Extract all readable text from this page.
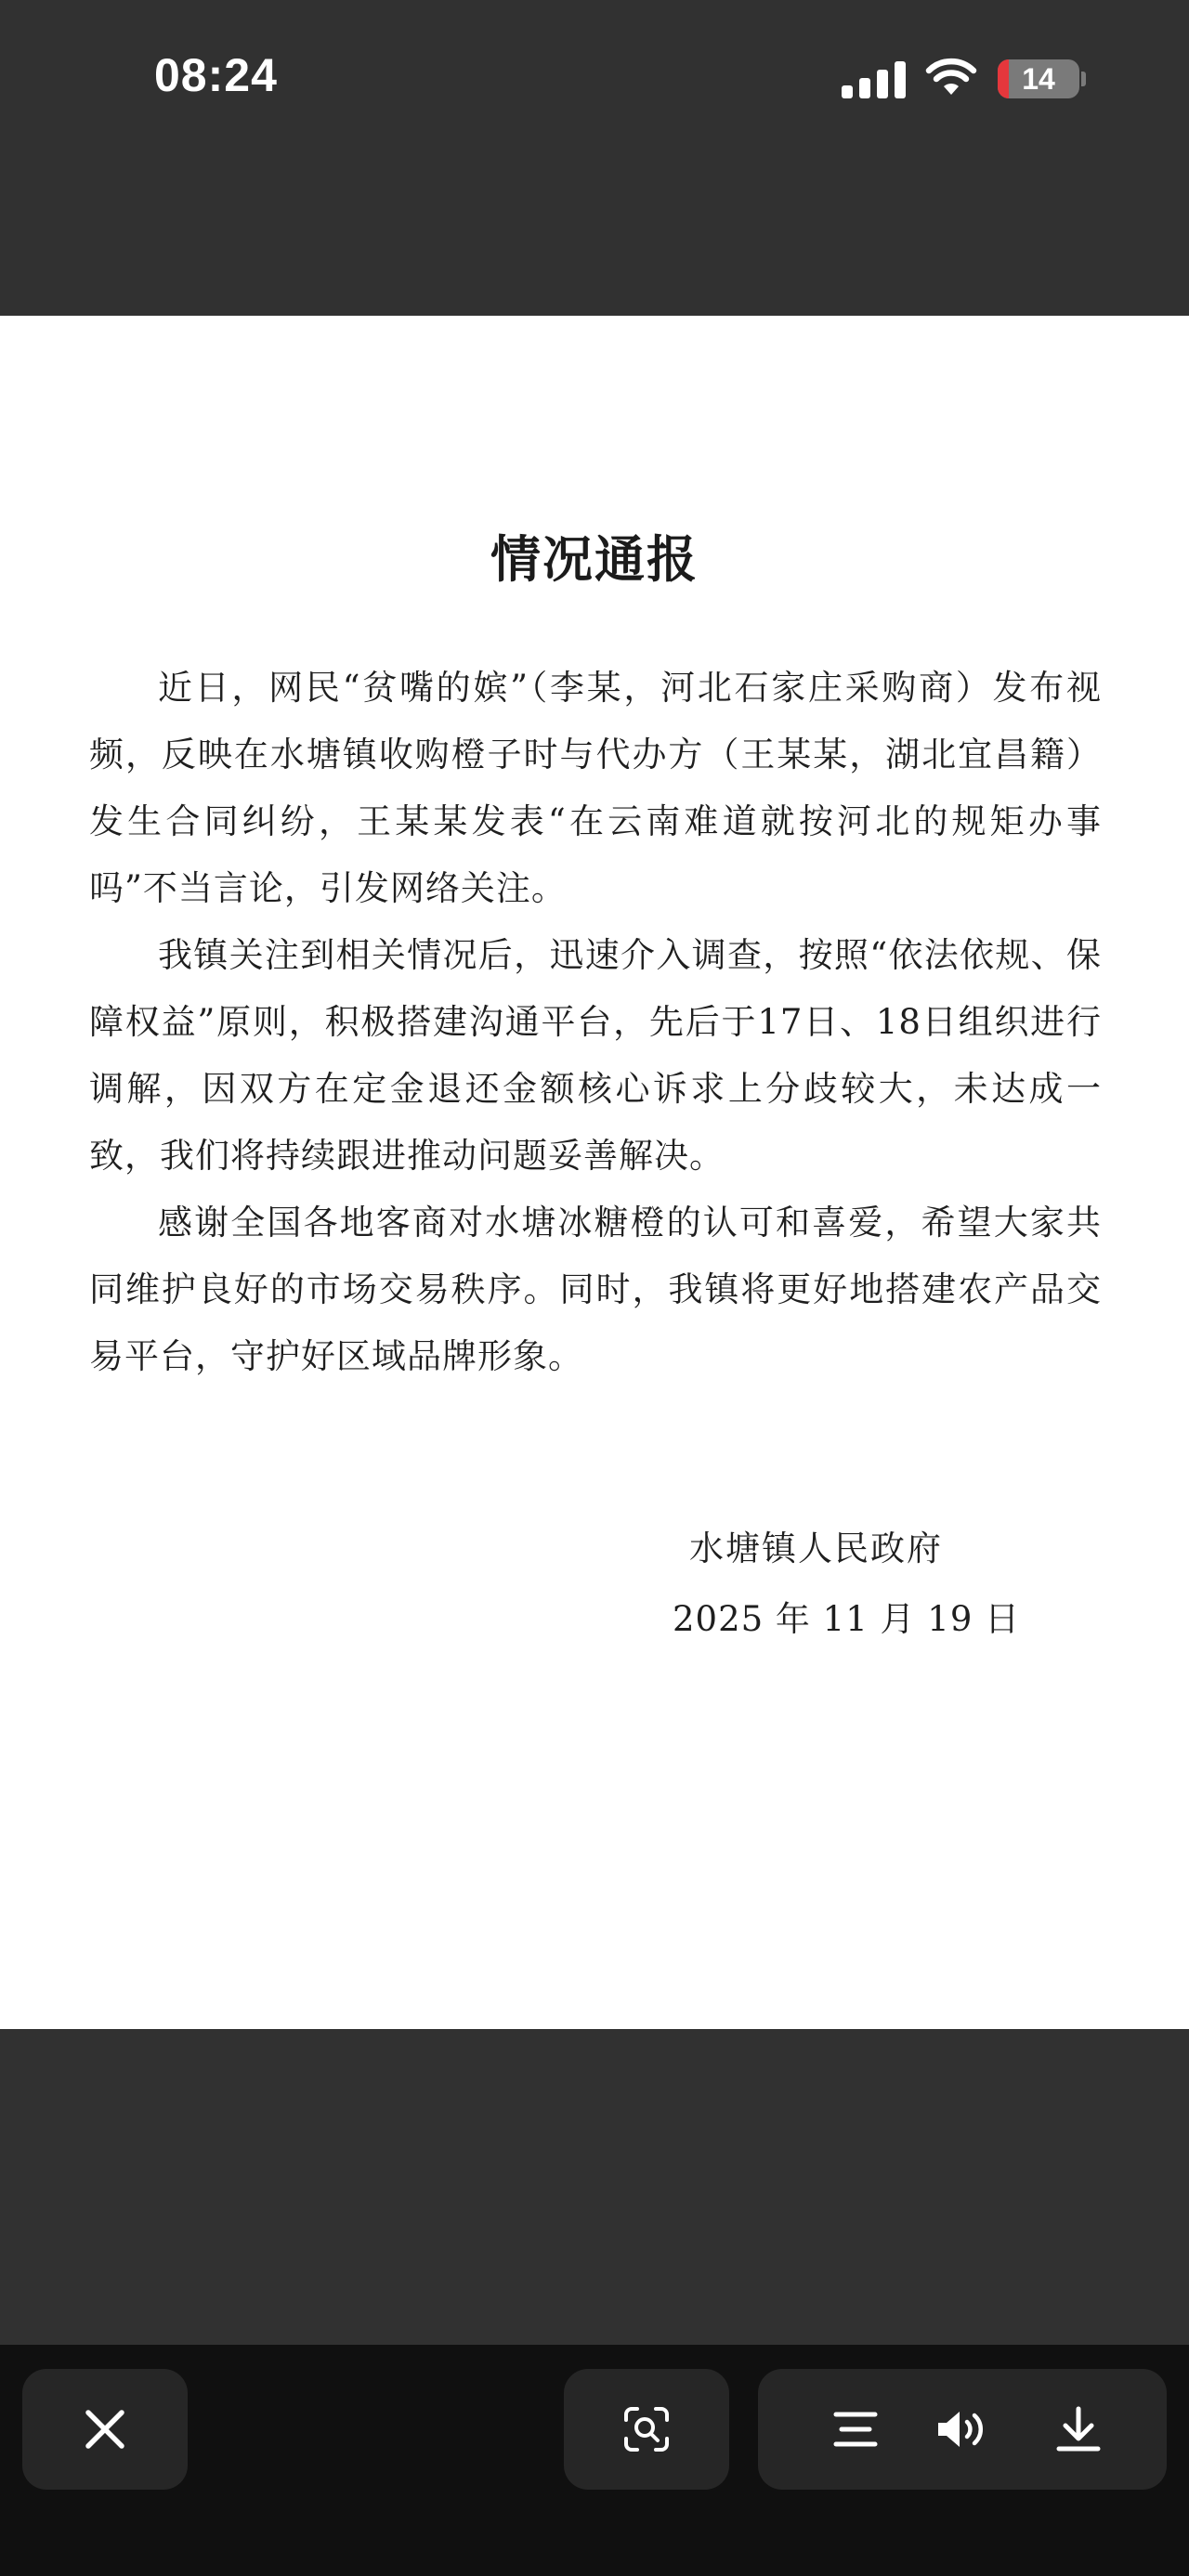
08:24	14
情况通报

近日，网民“贫嘴的嫔”（李某，河北石家庄采购商）发布视频，反映在水塘镇收购橙子时与代办方（王某某，湖北宜昌籍）发生合同纠纷，王某某发表“在云南难道就按河北的规矩办事吗”不当言论，引发网络关注。

我镇关注到相关情况后，迅速介入调查，按照“依法依规、保障权益”原则，积极搭建沟通平台，先后于17日、18日组织进行调解，因双方在定金退还金额核心诉求上分歧较大，未达成一致，我们将持续跟进推动问题妥善解决。

感谢全国各地客商对水塘冰糖橙的认可和喜爱，希望大家共同维护良好的市场交易秩序。同时，我镇将更好地搭建农产品交易平台，守护好区域品牌形象。

水塘镇人民政府
2025 年 11 月 19 日
